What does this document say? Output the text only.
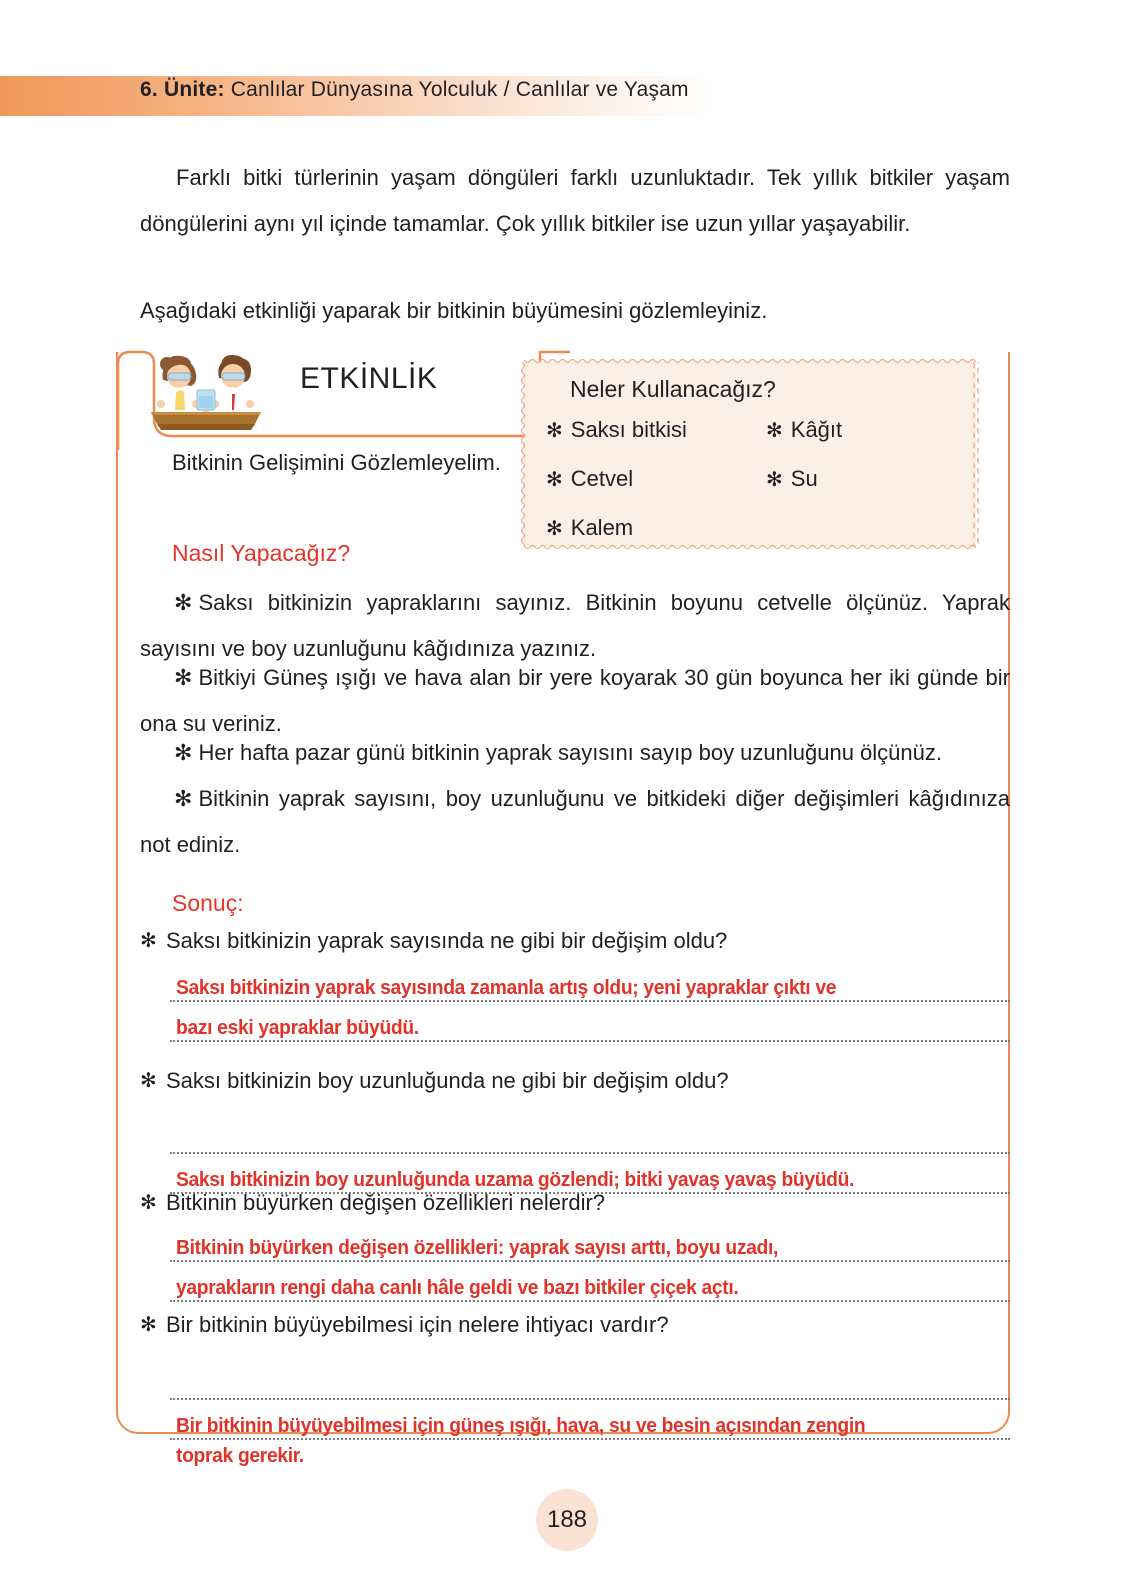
6. Ünite: Canlılar Dünyasına Yolculuk / Canlılar ve Yaşam
Farklı bitki türlerinin yaşam döngüleri farklı uzunluktadır. Tek yıllık bitkiler yaşam döngülerini aynı yıl içinde tamamlar. Çok yıllık bitkiler ise uzun yıllar yaşayabilir.
Aşağıdaki etkinliği yaparak bir bitkinin büyümesini gözlemleyiniz.
ETKİNLİK
Bitkinin Gelişimini Gözlemleyelim.
Neler Kullanacağız?
✻ Saksı bitkisi	✻ Kâğıt
✻ Cetvel	✻ Su
✻ Kalem
Nasıl Yapacağız?
✻ Saksı bitkinizin yapraklarını sayınız. Bitkinin boyunu cetvelle ölçünüz. Yaprak sayısını ve boy uzunluğunu kâğıdınıza yazınız.
✻ Bitkiyi Güneş ışığı ve hava alan bir yere koyarak 30 gün boyunca her iki günde bir ona su veriniz.
✻ Her hafta pazar günü bitkinin yaprak sayısını sayıp boy uzunluğunu ölçünüz.
✻ Bitkinin yaprak sayısını, boy uzunluğunu ve bitkideki diğer değişimleri kâğıdınıza not ediniz.
Sonuç:
✻ Saksı bitkinizin yaprak sayısında ne gibi bir değişim oldu?
Saksı bitkinizin yaprak sayısında zamanla artış oldu; yeni yapraklar çıktı ve
bazı eski yapraklar büyüdü.
✻ Saksı bitkinizin boy uzunluğunda ne gibi bir değişim oldu?
Saksı bitkinizin boy uzunluğunda uzama gözlendi; bitki yavaş yavaş büyüdü.
✻ Bitkinin büyürken değişen özellikleri nelerdir?
Bitkinin büyürken değişen özellikleri: yaprak sayısı arttı, boyu uzadı,
yaprakların rengi daha canlı hâle geldi ve bazı bitkiler çiçek açtı.
✻ Bir bitkinin büyüyebilmesi için nelere ihtiyacı vardır?
Bir bitkinin büyüyebilmesi için güneş ışığı, hava, su ve besin açısından zengin
toprak gerekir.
188
